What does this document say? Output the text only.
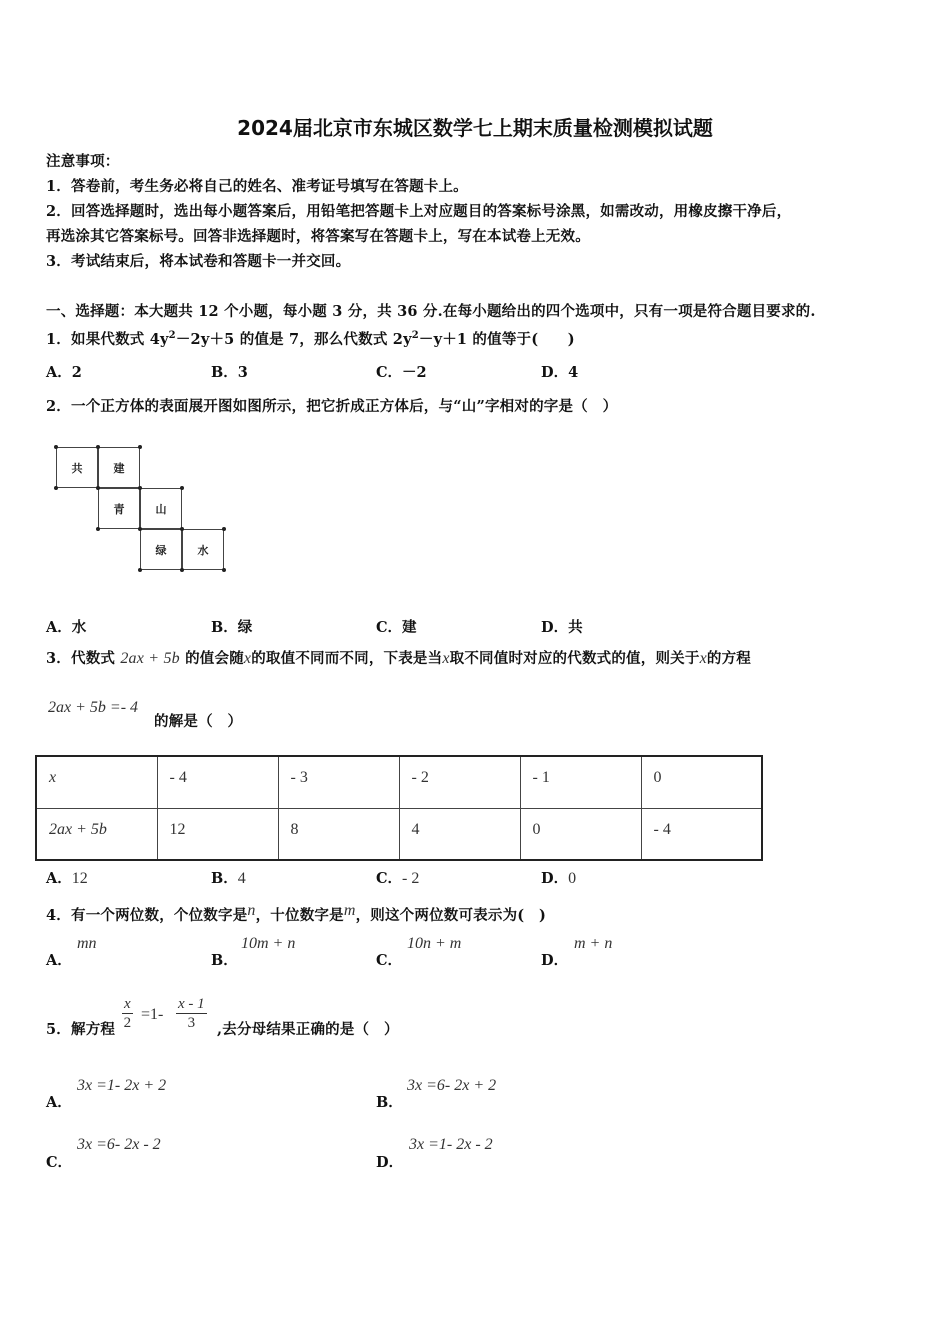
2024届北京市东城区数学七上期末质量检测模拟试题
注意事项：
1．答卷前，考生务必将自己的姓名、准考证号填写在答题卡上。
2．回答选择题时，选出每小题答案后，用铅笔把答题卡上对应题目的答案标号涂黑，如需改动，用橡皮擦干净后，
再选涂其它答案标号。回答非选择题时，将答案写在答题卡上，写在本试卷上无效。
3．考试结束后，将本试卷和答题卡一并交回。
一、选择题：本大题共 12 个小题，每小题 3 分，共 36 分.在每小题给出的四个选项中，只有一项是符合题目要求的.
1．如果代数式 $4y^2-2y+5$ 的值是 7，那么代数式 $2y^2-y+1$ 的值等于(　　)
A．2	B．3	C．－2	D．4
2．一个正方体的表面展开图如图所示，把它折成正方体后，与“山”字相对的字是（　）
共	建
青	山
绿	水
A．水	B．绿	C．建	D．共
3．代数式 2ax + 5b 的值会随x的取值不同而不同，下表是当x取不同值时对应的代数式的值，则关于x的方程
2ax + 5b =- 4
的解是（　）
x	- 4	- 3	- 2	- 1	0
2ax + 5b	12	8	4	0	- 4
A．12	B．4	C．- 2	D．0
4．有一个两位数，个位数字是n，十位数字是m，则这个两位数可表示为(　)
A．
mn
B．
10m + n
C．
10n + m
D．
m + n
5．解方程 $\frac{x}{2} =1- \frac{x - 1}{3}$ ,去分母结果正确的是（　）
A．
3x =1- 2x + 2
B．
3x =6- 2x + 2
C．
3x =6- 2x - 2
D．
3x =1- 2x - 2
